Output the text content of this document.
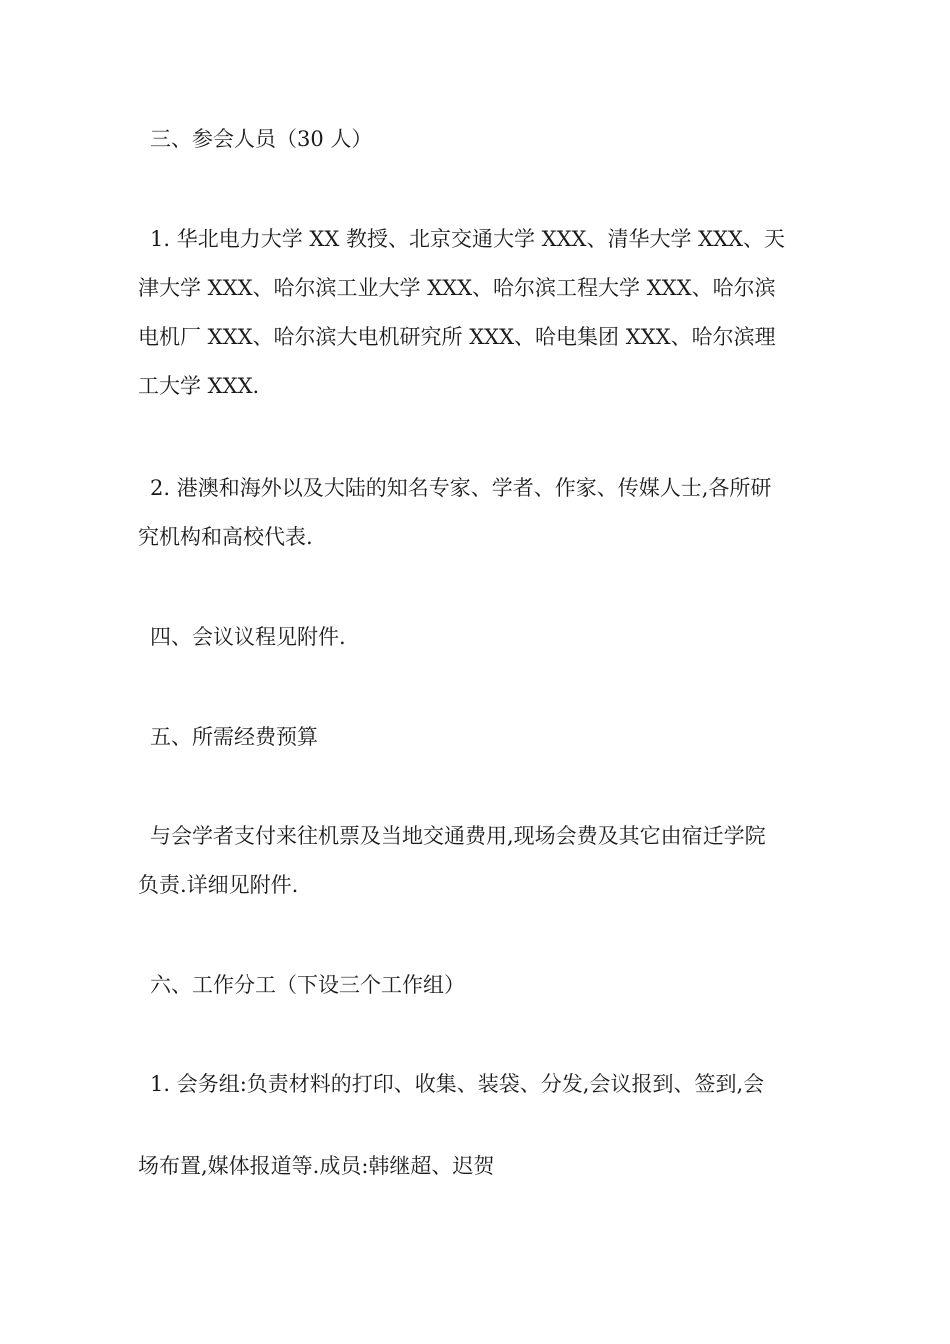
三、参会人员（30 人）

1. 华北电力大学 XX 教授、北京交通大学 XXX、清华大学 XXX、天
津大学 XXX、哈尔滨工业大学 XXX、哈尔滨工程大学 XXX、哈尔滨
电机厂 XXX、哈尔滨大电机研究所 XXX、哈电集团 XXX、哈尔滨理
工大学 XXX.

2. 港澳和海外以及大陆的知名专家、学者、作家、传媒人士,各所研
究机构和高校代表.

四、会议议程见附件.

五、所需经费预算

与会学者支付来往机票及当地交通费用,现场会费及其它由宿迁学院
负责.详细见附件.

六、工作分工（下设三个工作组）

1. 会务组:负责材料的打印、收集、装袋、分发,会议报到、签到,会
场布置,媒体报道等.成员:韩继超、迟贺
